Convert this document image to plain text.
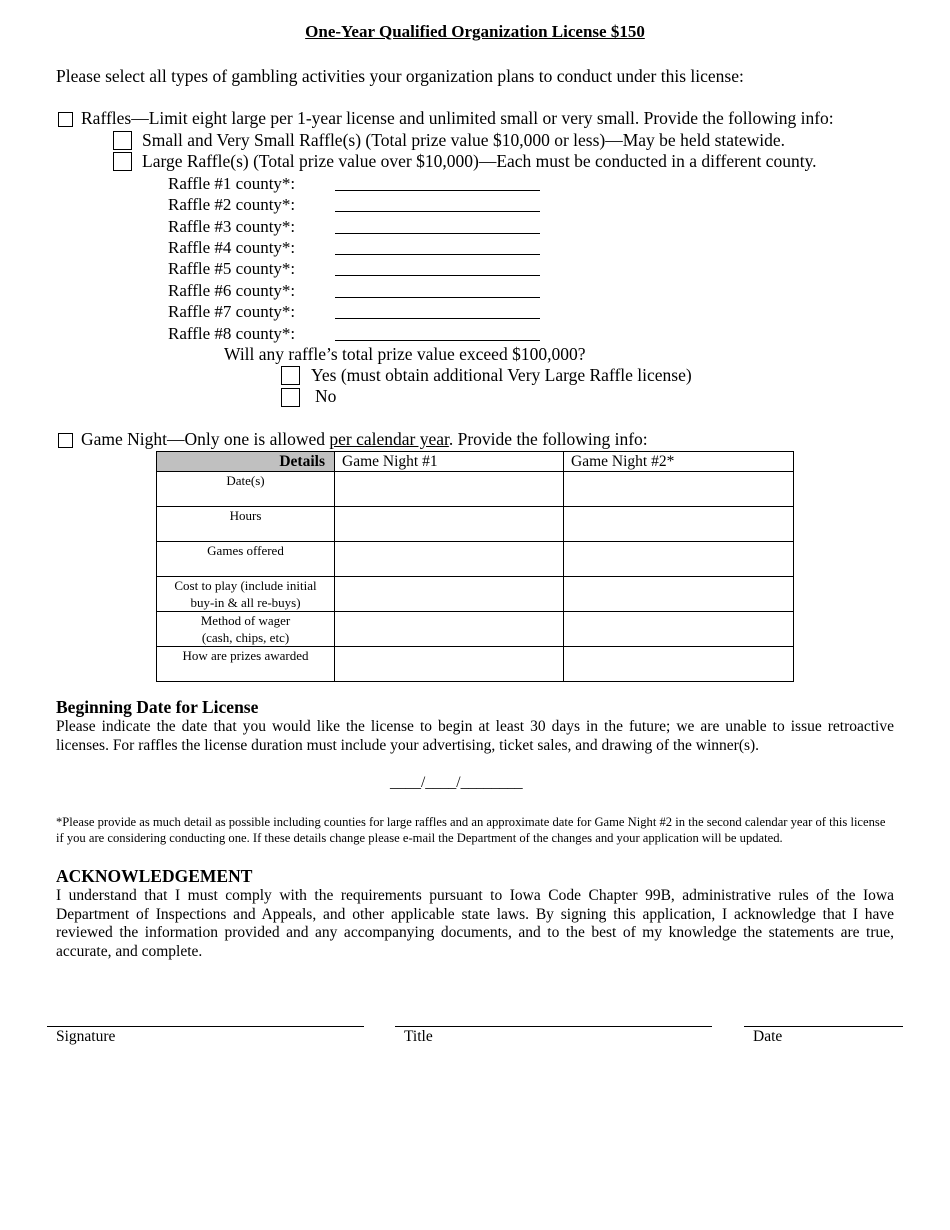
One-Year Qualified Organization License $150
Please select all types of gambling activities your organization plans to conduct under this license:
Raffles—Limit eight large per 1-year license and unlimited small or very small. Provide the following info:
Small and Very Small Raffle(s) (Total prize value $10,000 or less)—May be held statewide.
Large Raffle(s) (Total prize value over $10,000)—Each must be conducted in a different county.
Raffle #1 county*:
Raffle #2 county*:
Raffle #3 county*:
Raffle #4 county*:
Raffle #5 county*:
Raffle #6 county*:
Raffle #7 county*:
Raffle #8 county*:
Will any raffle’s total prize value exceed $100,000?
Yes (must obtain additional Very Large Raffle license)
No
Game Night—Only one is allowed per calendar year. Provide the following info:
Details	Game Night #1	Game Night #2*
Date(s)		
Hours		
Games offered		
Cost to play (include initial buy-in & all re-buys)		
Method of wager (cash, chips, etc)		
How are prizes awarded		
Beginning Date for License
Please indicate the date that you would like the license to begin at least 30 days in the future; we are unable to issue retroactive licenses. For raffles the license duration must include your advertising, ticket sales, and drawing of the winner(s).
____/____/________
*Please provide as much detail as possible including counties for large raffles and an approximate date for Game Night #2 in the second calendar year of this license if you are considering conducting one. If these details change please e-mail the Department of the changes and your application will be updated.
ACKNOWLEDGEMENT
I understand that I must comply with the requirements pursuant to Iowa Code Chapter 99B, administrative rules of the Iowa Department of Inspections and Appeals, and other applicable state laws. By signing this application, I acknowledge that I have reviewed the information provided and any accompanying documents, and to the best of my knowledge the statements are true, accurate, and complete.
Signature	Title	Date
